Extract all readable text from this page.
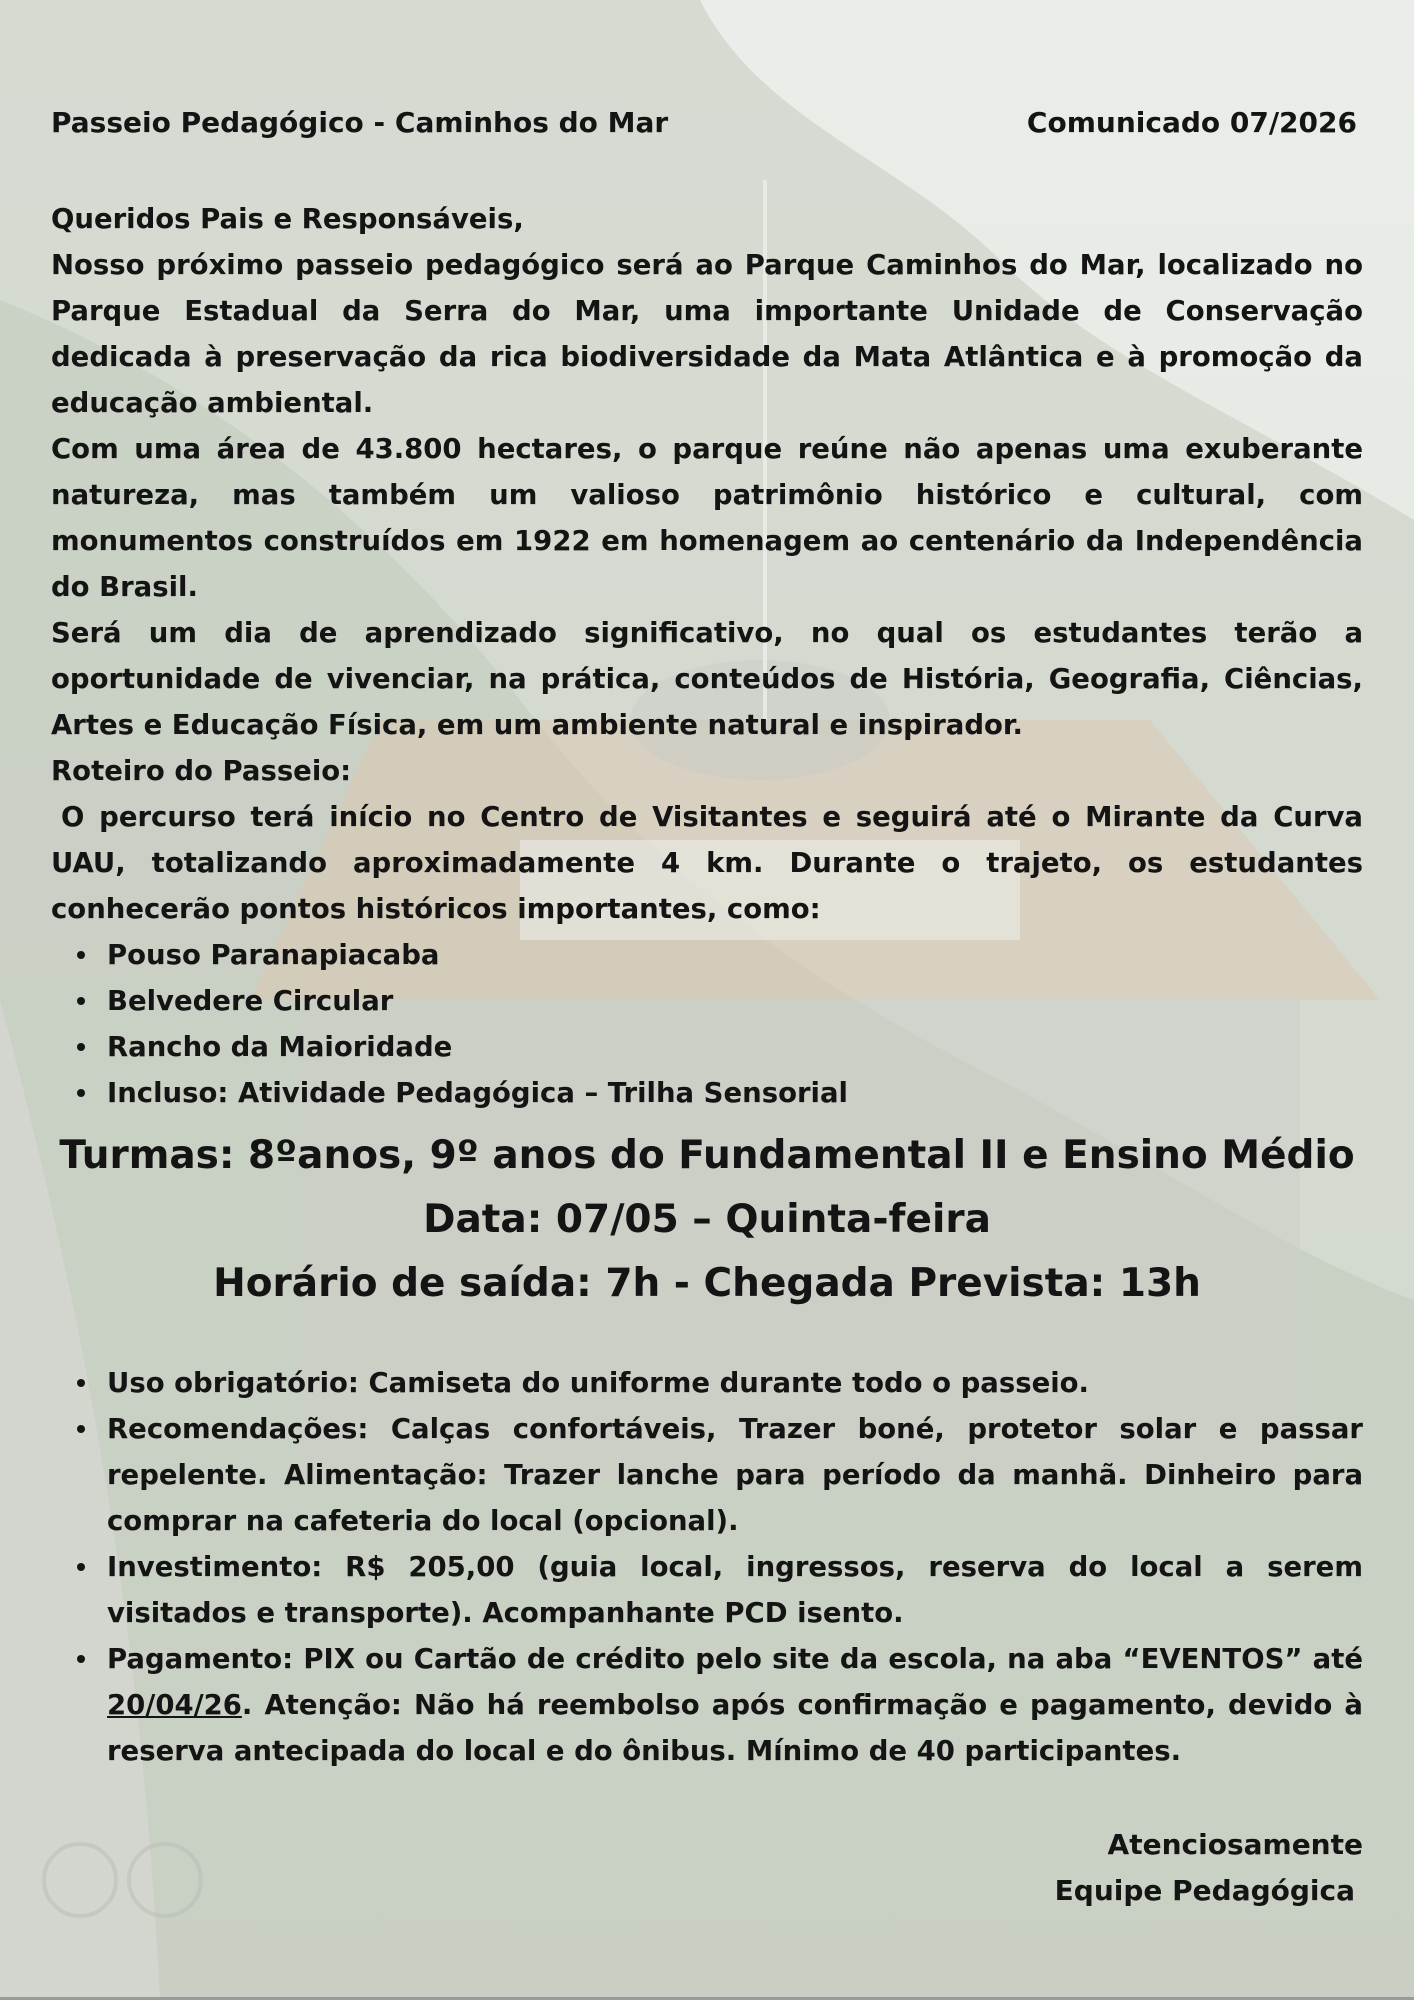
Passeio Pedagógico - Caminhos do Mar	Comunicado 07/2026

Queridos Pais e Responsáveis,

Nosso próximo passeio pedagógico será ao Parque Caminhos do Mar, localizado no Parque Estadual da Serra do Mar, uma importante Unidade de Conservação dedicada à preservação da rica biodiversidade da Mata Atlântica e à promoção da educação ambiental.

Com uma área de 43.800 hectares, o parque reúne não apenas uma exuberante natureza, mas também um valioso patrimônio histórico e cultural, com monumentos construídos em 1922 em homenagem ao centenário da Independência do Brasil.

Será um dia de aprendizado significativo, no qual os estudantes terão a oportunidade de vivenciar, na prática, conteúdos de História, Geografia, Ciências, Artes e Educação Física, em um ambiente natural e inspirador.

Roteiro do Passeio:

O percurso terá início no Centro de Visitantes e seguirá até o Mirante da Curva UAU, totalizando aproximadamente 4 km. Durante o trajeto, os estudantes conhecerão pontos históricos importantes, como:

Pouso Paranapiacaba
Belvedere Circular
Rancho da Maioridade
Incluso: Atividade Pedagógica – Trilha Sensorial
Turmas: 8ºanos, 9º anos do Fundamental II e Ensino Médio
Data: 07/05 – Quinta-feira
Horário de saída: 7h - Chegada Prevista: 13h
Uso obrigatório: Camiseta do uniforme durante todo o passeio.
Recomendações: Calças confortáveis, Trazer boné, protetor solar e passar repelente. Alimentação: Trazer lanche para período da manhã. Dinheiro para comprar na cafeteria do local (opcional).
Investimento: R$ 205,00 (guia local, ingressos, reserva do local a serem visitados e transporte). Acompanhante PCD isento.
Pagamento: PIX ou Cartão de crédito pelo site da escola, na aba “EVENTOS” até 20/04/26. Atenção: Não há reembolso após confirmação e pagamento, devido à reserva antecipada do local e do ônibus. Mínimo de 40 participantes.
Atenciosamente
Equipe Pedagógica
